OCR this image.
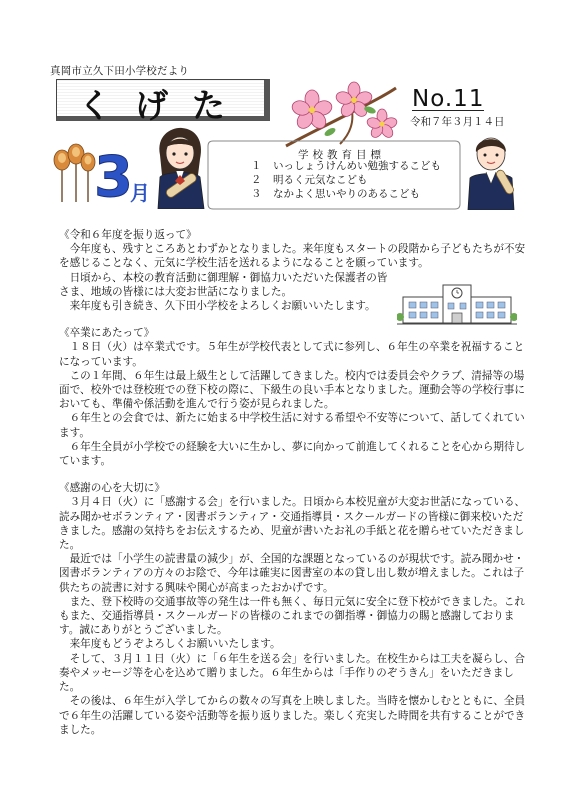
真岡市立久下田小学校だより
くげた	No.11
令和７年３月１４日
3
月
学校教育目標
１ いっしょうけんめい勉強するこども
２ 明るく元気なこども
３ なかよく思いやりのあるこども
《令和６年度を振り返って》
今年度も、残すところあとわずかとなりました。来年度もスタートの段階から子どもたちが不安を感じることなく、元気に学校生活を送れるようになることを願っています。
日頃から、本校の教育活動に御理解・御協力いただいた保護者の皆さま、地域の皆様には大変お世話になりました。
来年度も引き続き、久下田小学校をよろしくお願いいたします。
《卒業にあたって》
１８日（火）は卒業式です。５年生が学校代表として式に参列し、６年生の卒業を祝福することになっています。
この１年間、６年生は最上級生として活躍してきました。校内では委員会やクラブ、清掃等の場面で、校外では登校班での登下校の際に、下級生の良い手本となりました。運動会等の学校行事においても、準備や係活動を進んで行う姿が見られました。
６年生との会食では、新たに始まる中学校生活に対する希望や不安等について、話してくれています。
６年生全員が小学校での経験を大いに生かし、夢に向かって前進してくれることを心から期待しています。
《感謝の心を大切に》
３月４日（火）に「感謝する会」を行いました。日頃から本校児童が大変お世話になっている、読み聞かせボランティア・図書ボランティア・交通指導員・スクールガードの皆様に御来校いただきました。感謝の気持ちをお伝えするため、児童が書いたお礼の手紙と花を贈らせていただきました。
最近では「小学生の読書量の減少」が、全国的な課題となっているのが現状です。読み聞かせ・図書ボランティアの方々のお陰で、今年は確実に図書室の本の貸し出し数が増えました。これは子供たちの読書に対する興味や関心が高まったおかげです。
また、登下校時の交通事故等の発生は一件も無く、毎日元気に安全に登下校ができました。これもまた、交通指導員・スクールガードの皆様のこれまでの御指導・御協力の賜と感謝しております。誠にありがとうございました。
来年度もどうぞよろしくお願いいたします。
そして、３月１１日（火）に「６年生を送る会」を行いました。在校生からは工夫を凝らし、合奏やメッセージ等を心を込めて贈りました。６年生からは「手作りのぞうきん」をいただきました。
その後は、６年生が入学してからの数々の写真を上映しました。当時を懐かしむとともに、全員で６年生の活躍している姿や活動等を振り返りました。楽しく充実した時間を共有することができました。
